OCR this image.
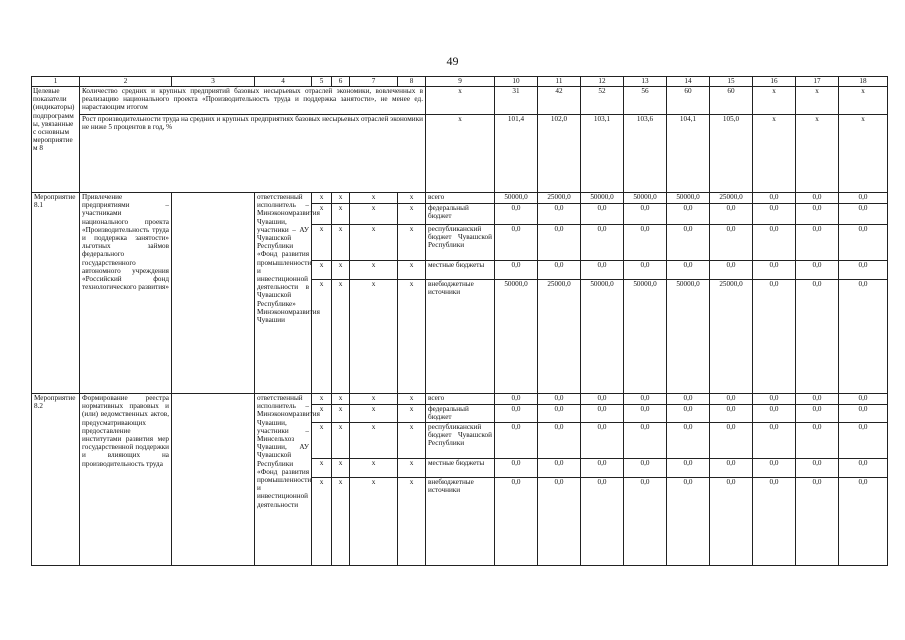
49
1	2	3	4	5	6	7	8	9	10	11	12	13	14	15	16	17	18
Целевые показатели (индикаторы) подпрограммы, увязанные с основным мероприятием 8	Количество средних и крупных предприятий базовых несырьевых отраслей экономики, вовлеченных в реализацию национального проекта «Производительность труда и поддержка занятости», не менее ед. нарастающим итогом							x	31	42	52	56	60	60	x	x	x
	Рост производительности труда на средних и крупных предприятиях базовых несырьевых отраслей экономики не ниже 5 процентов в год, %							x	101,4	102,0	103,1	103,6	104,1	105,0	x	x	x
Мероприятие 8.1	Привлечение предприятиями – участниками национального проекта «Производительность труда и поддержка занятости» льготных займов федерального государственного автономного учреждения «Российский фонд технологического развития»		ответственный исполнитель – Минэкономразвития Чувашии, участники – АУ Чувашской Республики «Фонд развития промышленности и инвестиционной деятельности в Чувашской Республике» Минэкономразвития Чувашии	x	x	x	x	всего	50000,0	25000,0	50000,0	50000,0	50000,0	25000,0	0,0	0,0	0,0
				x	x	x	x	федеральный бюджет	0,0	0,0	0,0	0,0	0,0	0,0	0,0	0,0	0,0
				x	x	x	x	республиканский бюджет Чувашской Республики	0,0	0,0	0,0	0,0	0,0	0,0	0,0	0,0	0,0
				x	x	x	x	местные бюджеты	0,0	0,0	0,0	0,0	0,0	0,0	0,0	0,0	0,0
				x	x	x	x	внебюджетные источники	50000,0	25000,0	50000,0	50000,0	50000,0	25000,0	0,0	0,0	0,0
Мероприятие 8.2	Формирование реестра нормативных правовых и (или) ведомственных актов, предусматривающих предоставление институтами развития мер государственной поддержки и влияющих на производительность труда		ответственный исполнитель – Минэкономразвития Чувашии, участники – Минсельхоз Чувашии, АУ Чувашской Республики «Фонд развития промышленности и инвестиционной деятельности	x	x	x	x	всего	0,0	0,0	0,0	0,0	0,0	0,0	0,0	0,0	0,0
				x	x	x	x	федеральный бюджет	0,0	0,0	0,0	0,0	0,0	0,0	0,0	0,0	0,0
				x	x	x	x	республиканский бюджет Чувашской Республики	0,0	0,0	0,0	0,0	0,0	0,0	0,0	0,0	0,0
				x	x	x	x	местные бюджеты	0,0	0,0	0,0	0,0	0,0	0,0	0,0	0,0	0,0
				x	x	x	x	внебюджетные источники	0,0	0,0	0,0	0,0	0,0	0,0	0,0	0,0	0,0
